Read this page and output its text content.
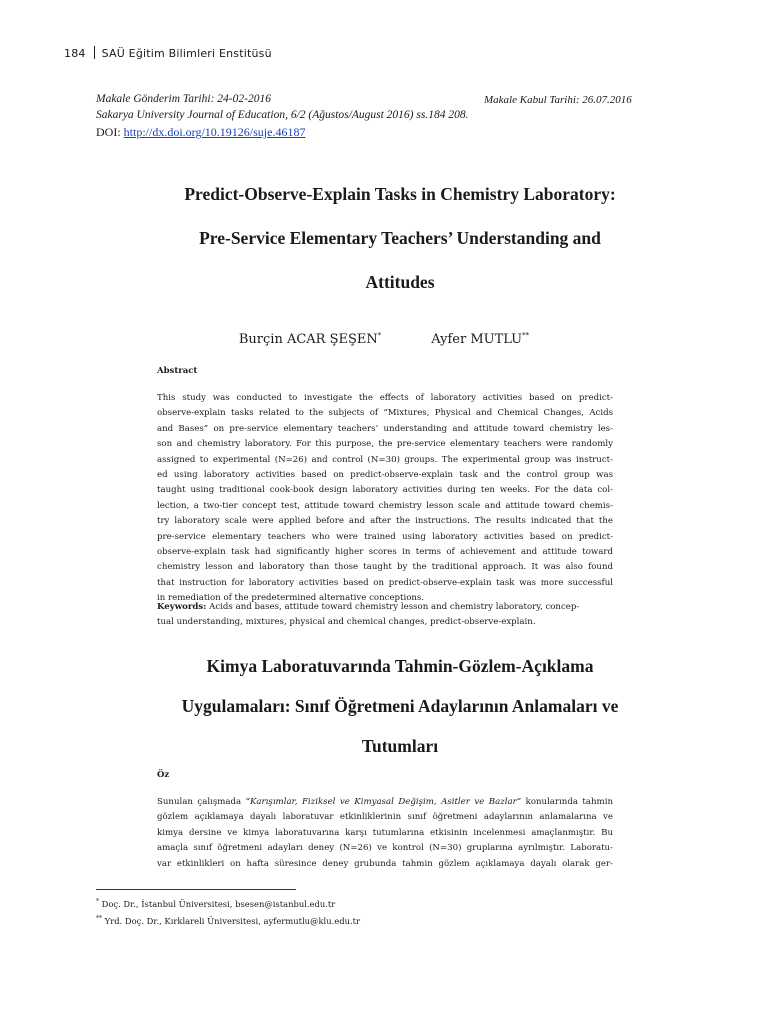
184 SAÜ Eğitim Bilimleri Enstitüsü
Makale Gönderim Tarihi: 24-02-2016	Makale Kabul Tarihi: 26.07.2016
Sakarya University Journal of Education, 6/2 (Ağustos/August 2016) ss.184 208.
DOI: http://dx.doi.org/10.19126/suje.46187
Predict-Observe-Explain Tasks in Chemistry Laboratory:
Pre-Service Elementary Teachers’ Understanding and
Attitudes
Burçin ACAR ŞEŞEN*	Ayfer MUTLU**
Abstract
This study was conducted to investigate the effects of laboratory activities based on predict-
observe-explain tasks related to the subjects of “Mixtures, Physical and Chemical Changes, Acids
and Bases” on pre-service elementary teachers’ understanding and attitude toward chemistry les-
son and chemistry laboratory. For this purpose, the pre-service elementary teachers were randomly
assigned to experimental (N=26) and control (N=30) groups. The experimental group was instruct-
ed using laboratory activities based on predict-observe-explain task and the control group was
taught using traditional cook-book design laboratory activities during ten weeks. For the data col-
lection, a two-tier concept test, attitude toward chemistry lesson scale and attitude toward chemis-
try laboratory scale were applied before and after the instructions. The results indicated that the
pre-service elementary teachers who were trained using laboratory activities based on predict-
observe-explain task had significantly higher scores in terms of achievement and attitude toward
chemistry lesson and laboratory than those taught by the traditional approach. It was also found
that instruction for laboratory activities based on predict-observe-explain task was more successful
in remediation of the predetermined alternative conceptions.
Keywords: Acids and bases, attitude toward chemistry lesson and chemistry laboratory, concep-
tual understanding, mixtures, physical and chemical changes, predict-observe-explain.
Kimya Laboratuvarında Tahmin-Gözlem-Açıklama
Uygulamaları: Sınıf Öğretmeni Adaylarının Anlamaları ve
Tutumları
Öz
Sunulan çalışmada “Karışımlar, Fiziksel ve Kimyasal Değişim, Asitler ve Bazlar” konularında tahmin
gözlem açıklamaya dayalı laboratuvar etkinliklerinin sınıf öğretmeni adaylarının anlamalarına ve
kimya dersine ve kimya laboratuvarına karşı tutumlarına etkisinin incelenmesi amaçlanmıştır. Bu
amaçla sınıf öğretmeni adayları deney (N=26) ve kontrol (N=30) gruplarına ayrılmıştır. Laboratu-
var etkinlikleri on hafta süresince deney grubunda tahmin gözlem açıklamaya dayalı olarak ger-
* Doç. Dr., İstanbul Üniversitesi, bsesen@istanbul.edu.tr
** Yrd. Doç. Dr., Kırklareli Üniversitesi, ayfermutlu@klu.edu.tr
